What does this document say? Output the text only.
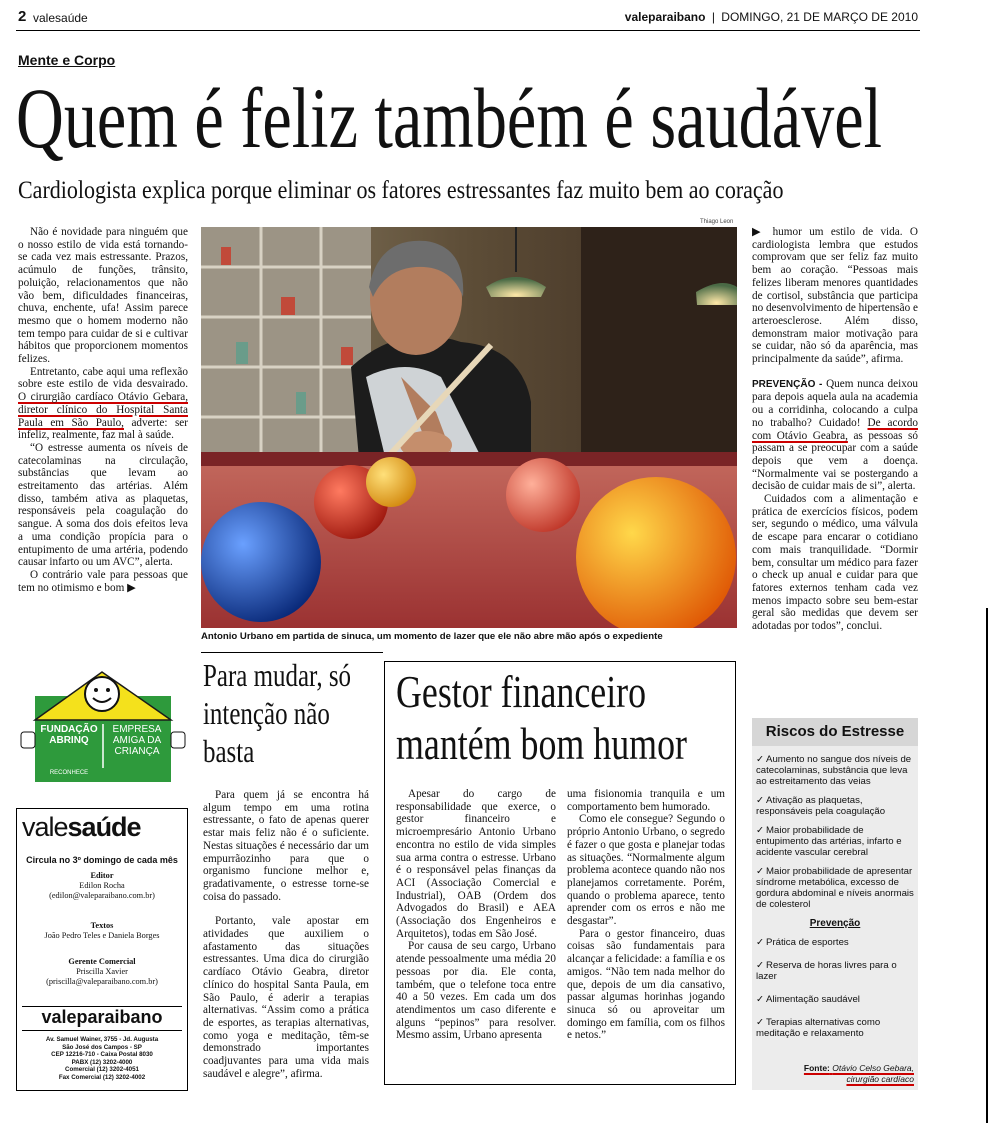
2 valesaúde	valeparaibano | DOMINGO, 21 DE MARÇO DE 2010
Mente e Corpo
Quem é feliz também é saudável
Cardiologista explica porque eliminar os fatores estressantes faz muito bem ao coração

Não é novidade para ninguém que o nosso estilo de vida está tornando-se cada vez mais estressante. Prazos, acúmulo de funções, trânsito, poluição, relacionamentos que não vão bem, dificuldades financeiras, chuva, enchente, ufa! Assim parece mesmo que o homem moderno não tem tempo para cuidar de si e cultivar hábitos que proporcionem momentos felizes.

Entretanto, cabe aqui uma reflexão sobre este estilo de vida desvairado. O cirurgião cardíaco Otávio Gebara, diretor clínico do Hospital Santa Paula em São Paulo, adverte: ser infeliz, realmente, faz mal à saúde.

“O estresse aumenta os níveis de catecolaminas na circulação, substâncias que levam ao estreitamento das artérias. Além disso, também ativa as plaquetas, responsáveis pela coagulação do sangue. A soma dos dois efeitos leva a uma condição propícia para o entupimento de uma artéria, podendo causar infarto ou um AVC”, alerta.

O contrário vale para pessoas que tem no otimismo e bom ▶

Thiago Leon
Antonio Urbano em partida de sinuca, um momento de lazer que ele não abre mão após o expediente

▶ humor um estilo de vida. O cardiologista lembra que estudos comprovam que ser feliz faz muito bem ao coração. “Pessoas mais felizes liberam menores quantidades de cortisol, substância que participa no desenvolvimento de hipertensão e arteroesclerose. Além disso, demonstram maior motivação para se cuidar, não só da aparência, mas principalmente da saúde”, afirma.

PREVENÇÃO - Quem nunca deixou para depois aquela aula na academia ou a corridinha, colocando a culpa no trabalho? Cuidado! De acordo com Otávio Geabra, as pessoas só passam a se preocupar com a saúde depois que vem a doença. “Normalmente vai se postergando a decisão de cuidar mais de si”, alerta.

Cuidados com a alimentação e prática de exercícios físicos, podem ser, segundo o médico, uma válvula de escape para encarar o cotidiano com mais tranquilidade. “Dormir bem, consultar um médico para fazer o check up anual e cuidar para que fatores externos tenham cada vez menos impacto sobre seu bem-estar geral são medidas que devem ser adotadas por todos”, conclui.

FUNDAÇÃO ABRINQ
EMPRESA AMIGA DA CRIANÇA
RECONHECE
valesaúde
Circula no 3º domingo de cada mês
Editor
Edilon Rocha
(edilon@valeparaibano.com.br)
Textos
João Pedro Teles e Daniela Borges
Gerente Comercial
Priscilla Xavier
(priscilla@valeparaibano.com.br)
valeparaibano
Av. Samuel Wainer, 3755 - Jd. Augusta
São José dos Campos - SP
CEP 12216-710 - Caixa Postal 8030
PABX (12) 3202-4000
Comercial (12) 3202-4051
Fax Comercial (12) 3202-4002
Para mudar, só intenção não basta

Para quem já se encontra há algum tempo em uma rotina estressante, o fato de apenas querer estar mais feliz não é o suficiente. Nestas situações é necessário dar um empurrãozinho para que o organismo funcione melhor e, gradativamente, o estresse torne-se coisa do passado.

Portanto, vale apostar em atividades que auxiliem o afastamento das situações estressantes. Uma dica do cirurgião cardíaco Otávio Geabra, diretor clínico do hospital Santa Paula, em São Paulo, é aderir a terapias alternativas. “Assim como a prática de esportes, as terapias alternativas, como yoga e meditação, têm-se demonstrado importantes coadjuvantes para uma vida mais saudável e alegre”, afirma.

Gestor financeiro mantém bom humor

Apesar do cargo de responsabilidade que exerce, o gestor financeiro e microempresário Antonio Urbano encontra no estilo de vida simples sua arma contra o estresse. Urbano é o responsável pelas finanças da ACI (Associação Comercial e Industrial), OAB (Ordem dos Advogados do Brasil) e AEA (Associação dos Engenheiros e Arquitetos), todas em São José.

Por causa de seu cargo, Urbano atende pessoalmente uma média 20 pessoas por dia. Ele conta, também, que o telefone toca entre 40 a 50 vezes. Em cada um dos atendimentos um caso diferente e alguns “pepinos” para resolver. Mesmo assim, Urbano apresenta

uma fisionomia tranquila e um comportamento bem humorado.

Como ele consegue? Segundo o próprio Antonio Urbano, o segredo é fazer o que gosta e planejar todas as situações. “Normalmente algum problema acontece quando não nos planejamos corretamente. Porém, quando o problema aparece, tento aprender com os erros e não me desgastar”.

Para o gestor financeiro, duas coisas são fundamentais para alcançar a felicidade: a família e os amigos. “Não tem nada melhor do que, depois de um dia cansativo, passar algumas horinhas jogando sinuca só ou aproveitar um domingo em família, com os filhos e netos.”

Riscos do Estresse
✓ Aumento no sangue dos níveis de catecolaminas, substância que leva ao estreitamento das veias
✓ Ativação as plaquetas, responsáveis pela coagulação
✓ Maior probabilidade de entupimento das artérias, infarto e acidente vascular cerebral
✓ Maior probabilidade de apresentar síndrome metabólica, excesso de gordura abdominal e níveis anormais de colesterol
Prevenção
✓ Prática de esportes
✓ Reserva de horas livres para o lazer
✓ Alimentação saudável
✓ Terapias alternativas como meditação e relaxamento
Fonte: Otávio Celso Gebara,
cirurgião cardíaco
